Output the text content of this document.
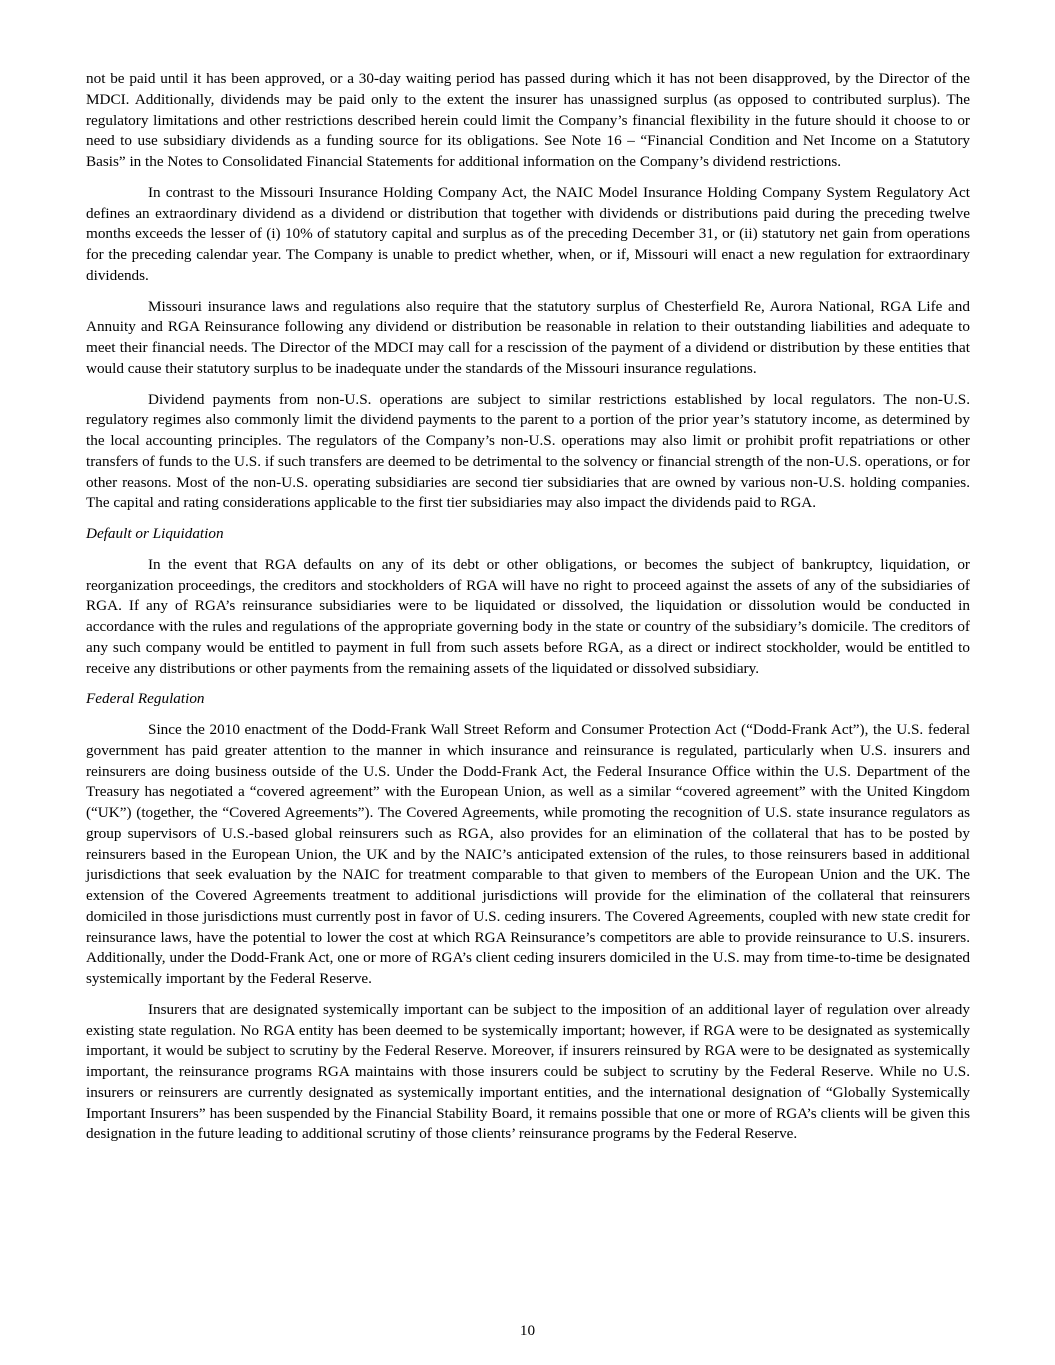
not be paid until it has been approved, or a 30-day waiting period has passed during which it has not been disapproved, by the Director of the MDCI. Additionally, dividends may be paid only to the extent the insurer has unassigned surplus (as opposed to contributed surplus). The regulatory limitations and other restrictions described herein could limit the Company’s financial flexibility in the future should it choose to or need to use subsidiary dividends as a funding source for its obligations. See Note 16 – “Financial Condition and Net Income on a Statutory Basis” in the Notes to Consolidated Financial Statements for additional information on the Company’s dividend restrictions.

In contrast to the Missouri Insurance Holding Company Act, the NAIC Model Insurance Holding Company System Regulatory Act defines an extraordinary dividend as a dividend or distribution that together with dividends or distributions paid during the preceding twelve months exceeds the lesser of (i) 10% of statutory capital and surplus as of the preceding December 31, or (ii) statutory net gain from operations for the preceding calendar year. The Company is unable to predict whether, when, or if, Missouri will enact a new regulation for extraordinary dividends.

Missouri insurance laws and regulations also require that the statutory surplus of Chesterfield Re, Aurora National, RGA Life and Annuity and RGA Reinsurance following any dividend or distribution be reasonable in relation to their outstanding liabilities and adequate to meet their financial needs. The Director of the MDCI may call for a rescission of the payment of a dividend or distribution by these entities that would cause their statutory surplus to be inadequate under the standards of the Missouri insurance regulations.

Dividend payments from non-U.S. operations are subject to similar restrictions established by local regulators. The non-U.S. regulatory regimes also commonly limit the dividend payments to the parent to a portion of the prior year’s statutory income, as determined by the local accounting principles. The regulators of the Company’s non-U.S. operations may also limit or prohibit profit repatriations or other transfers of funds to the U.S. if such transfers are deemed to be detrimental to the solvency or financial strength of the non-U.S. operations, or for other reasons. Most of the non-U.S. operating subsidiaries are second tier subsidiaries that are owned by various non-U.S. holding companies. The capital and rating considerations applicable to the first tier subsidiaries may also impact the dividends paid to RGA.

Default or Liquidation

In the event that RGA defaults on any of its debt or other obligations, or becomes the subject of bankruptcy, liquidation, or reorganization proceedings, the creditors and stockholders of RGA will have no right to proceed against the assets of any of the subsidiaries of RGA. If any of RGA’s reinsurance subsidiaries were to be liquidated or dissolved, the liquidation or dissolution would be conducted in accordance with the rules and regulations of the appropriate governing body in the state or country of the subsidiary’s domicile. The creditors of any such company would be entitled to payment in full from such assets before RGA, as a direct or indirect stockholder, would be entitled to receive any distributions or other payments from the remaining assets of the liquidated or dissolved subsidiary.

Federal Regulation

Since the 2010 enactment of the Dodd-Frank Wall Street Reform and Consumer Protection Act (“Dodd-Frank Act”), the U.S. federal government has paid greater attention to the manner in which insurance and reinsurance is regulated, particularly when U.S. insurers and reinsurers are doing business outside of the U.S. Under the Dodd-Frank Act, the Federal Insurance Office within the U.S. Department of the Treasury has negotiated a “covered agreement” with the European Union, as well as a similar “covered agreement” with the United Kingdom (“UK”) (together, the “Covered Agreements”). The Covered Agreements, while promoting the recognition of U.S. state insurance regulators as group supervisors of U.S.-based global reinsurers such as RGA, also provides for an elimination of the collateral that has to be posted by reinsurers based in the European Union, the UK and by the NAIC’s anticipated extension of the rules, to those reinsurers based in additional jurisdictions that seek evaluation by the NAIC for treatment comparable to that given to members of the European Union and the UK. The extension of the Covered Agreements treatment to additional jurisdictions will provide for the elimination of the collateral that reinsurers domiciled in those jurisdictions must currently post in favor of U.S. ceding insurers. The Covered Agreements, coupled with new state credit for reinsurance laws, have the potential to lower the cost at which RGA Reinsurance’s competitors are able to provide reinsurance to U.S. insurers. Additionally, under the Dodd-Frank Act, one or more of RGA’s client ceding insurers domiciled in the U.S. may from time-to-time be designated systemically important by the Federal Reserve.

Insurers that are designated systemically important can be subject to the imposition of an additional layer of regulation over already existing state regulation. No RGA entity has been deemed to be systemically important; however, if RGA were to be designated as systemically important, it would be subject to scrutiny by the Federal Reserve. Moreover, if insurers reinsured by RGA were to be designated as systemically important, the reinsurance programs RGA maintains with those insurers could be subject to scrutiny by the Federal Reserve. While no U.S. insurers or reinsurers are currently designated as systemically important entities, and the international designation of “Globally Systemically Important Insurers” has been suspended by the Financial Stability Board, it remains possible that one or more of RGA’s clients will be given this designation in the future leading to additional scrutiny of those clients’ reinsurance programs by the Federal Reserve.

10
